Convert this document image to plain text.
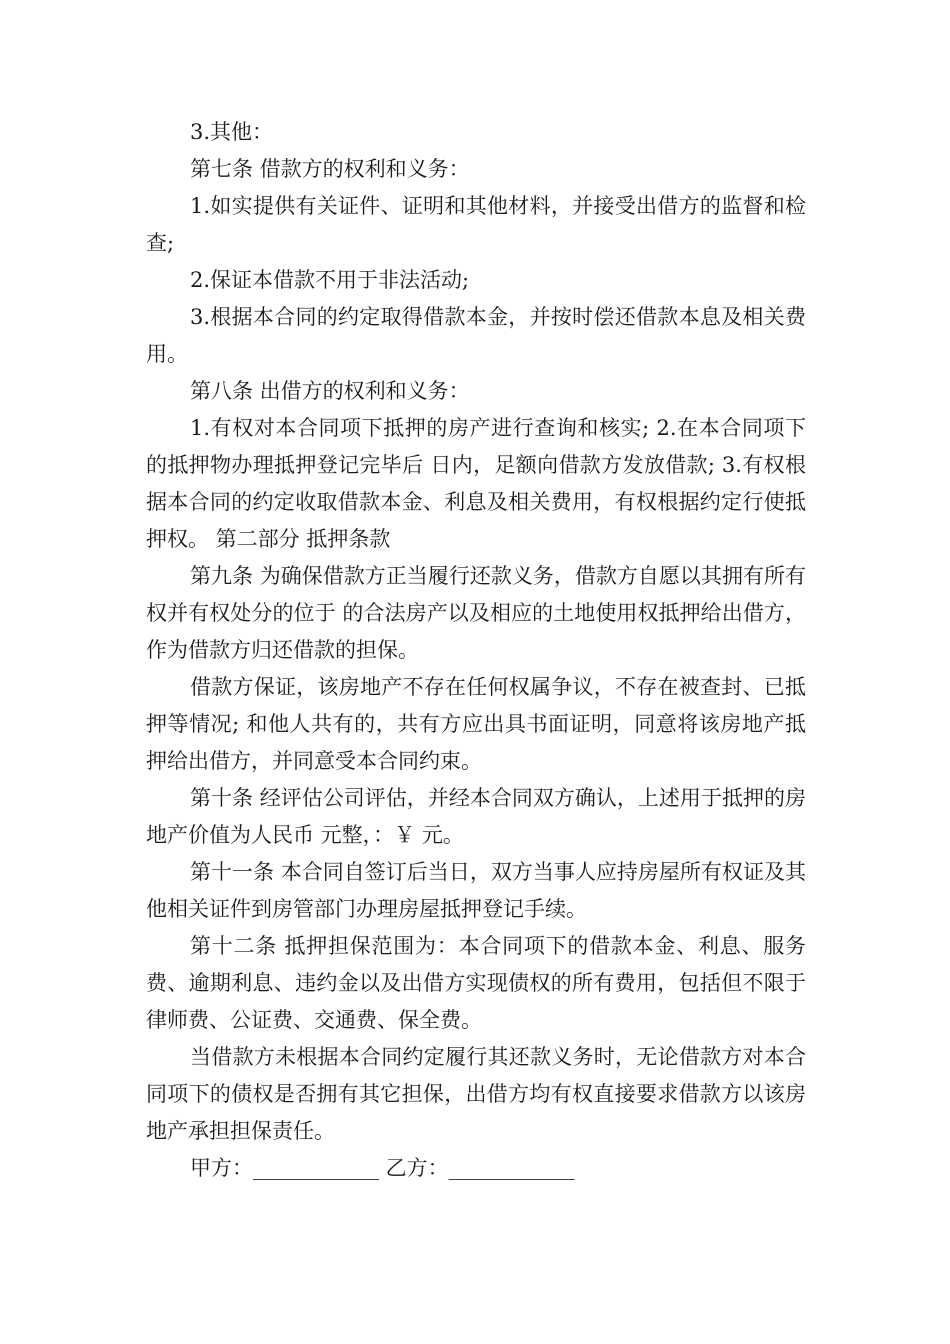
3.其他：

第七条 借款方的权利和义务：

1.如实提供有关证件、证明和其他材料，并接受出借方的监督和检查;

2.保证本借款不用于非法活动;

3.根据本合同的约定取得借款本金，并按时偿还借款本息及相关费用。

第八条 出借方的权利和义务：

1.有权对本合同项下抵押的房产进行查询和核实; 2.在本合同项下的抵押物办理抵押登记完毕后 日内，足额向借款方发放借款; 3.有权根据本合同的约定收取借款本金、利息及相关费用，有权根据约定行使抵押权。 第二部分 抵押条款

第九条 为确保借款方正当履行还款义务，借款方自愿以其拥有所有权并有权处分的位于 的合法房产以及相应的土地使用权抵押给出借方，作为借款方归还借款的担保。

借款方保证，该房地产不存在任何权属争议，不存在被查封、已抵押等情况; 和他人共有的，共有方应出具书面证明，同意将该房地产抵押给出借方，并同意受本合同约束。

第十条 经评估公司评估，并经本合同双方确认，上述用于抵押的房地产价值为人民币 元整，：￥ 元。

第十一条 本合同自签订后当日，双方当事人应持房屋所有权证及其他相关证件到房管部门办理房屋抵押登记手续。

第十二条 抵押担保范围为：本合同项下的借款本金、利息、服务费、逾期利息、违约金以及出借方实现债权的所有费用，包括但不限于律师费、公证费、交通费、保全费。

当借款方未根据本合同约定履行其还款义务时，无论借款方对本合同项下的债权是否拥有其它担保，出借方均有权直接要求借款方以该房地产承担担保责任。

甲方：____________ 乙方：____________
